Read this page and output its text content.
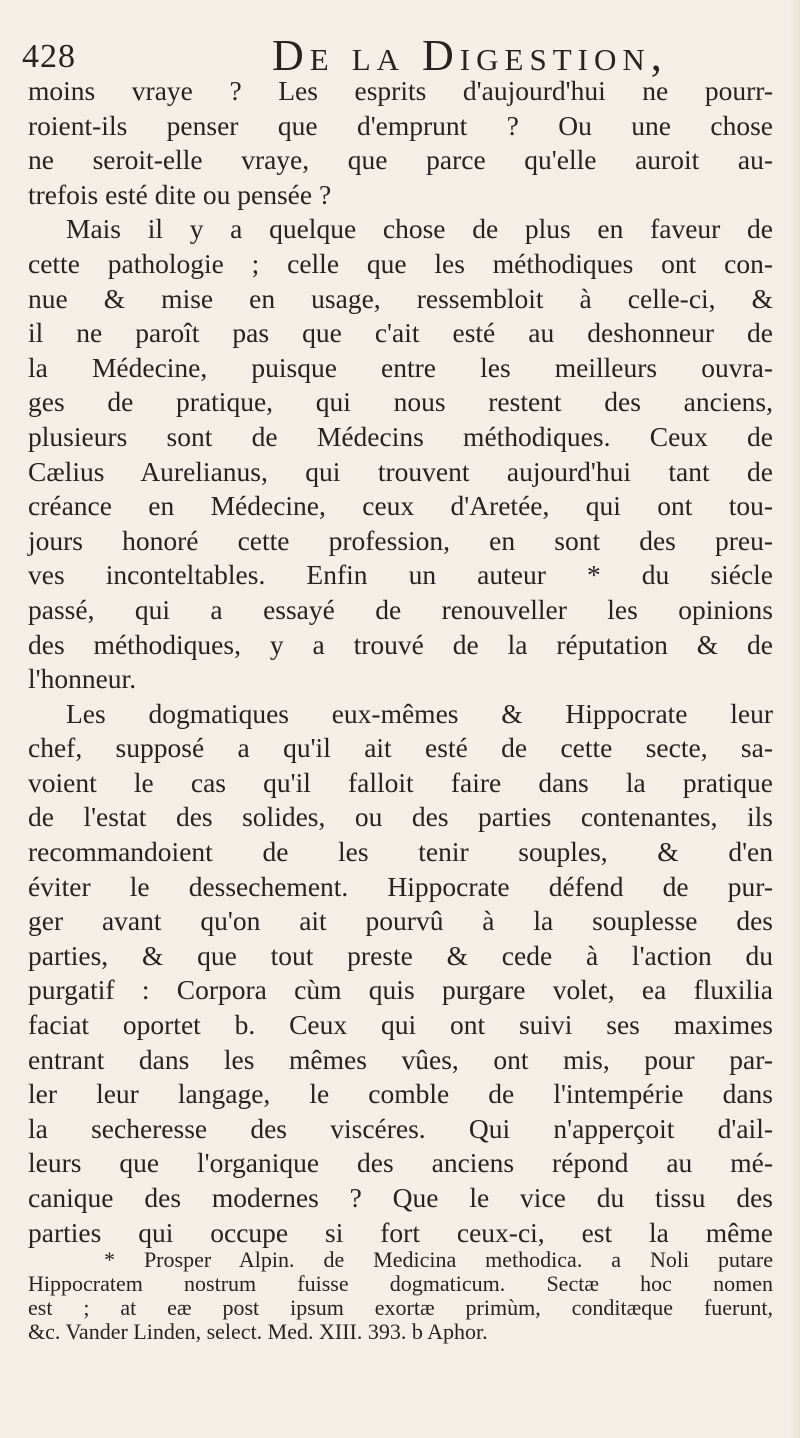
428	De la Digestion,
moins vraye ? Les esprits d'aujourd'hui ne pourr-
roient-ils penser que d'emprunt ? Ou une chose
ne seroit-elle vraye, que parce qu'elle auroit au-
trefois esté dite ou pensée ?
Mais il y a quelque chose de plus en faveur de
cette pathologie ; celle que les méthodiques ont con-
nue & mise en usage, ressembloit à celle-ci, &
il ne paroît pas que c'ait esté au deshonneur de
la Médecine, puisque entre les meilleurs ouvra-
ges de pratique, qui nous restent des anciens,
plusieurs sont de Médecins méthodiques. Ceux de
Cælius Aurelianus, qui trouvent aujourd'hui tant de
créance en Médecine, ceux d'Aretée, qui ont tou-
jours honoré cette profession, en sont des preu-
ves inconteltables. Enfin un auteur * du siécle
passé, qui a essayé de renouveller les opinions
des méthodiques, y a trouvé de la réputation & de
l'honneur.
Les dogmatiques eux-mêmes & Hippocrate leur
chef, supposé a qu'il ait esté de cette secte, sa-
voient le cas qu'il falloit faire dans la pratique
de l'estat des solides, ou des parties contenantes, ils
recommandoient de les tenir souples, & d'en
éviter le dessechement. Hippocrate défend de pur-
ger avant qu'on ait pourvû à la souplesse des
parties, & que tout preste & cede à l'action du
purgatif : Corpora cùm quis purgare volet, ea fluxilia
faciat oportet b. Ceux qui ont suivi ses maximes
entrant dans les mêmes vûes, ont mis, pour par-
ler leur langage, le comble de l'intempérie dans
la secheresse des viscéres. Qui n'apperçoit d'ail-
leurs que l'organique des anciens répond au mé-
canique des modernes ? Que le vice du tissu des
parties qui occupe si fort ceux-ci, est la même
* Prosper Alpin. de Medicina methodica. a Noli putare
Hippocratem nostrum fuisse dogmaticum. Sectæ hoc nomen
est ; at eæ post ipsum exortæ primùm, conditæque fuerunt,
&c. Vander Linden, select. Med. XIII. 393. b Aphor.
